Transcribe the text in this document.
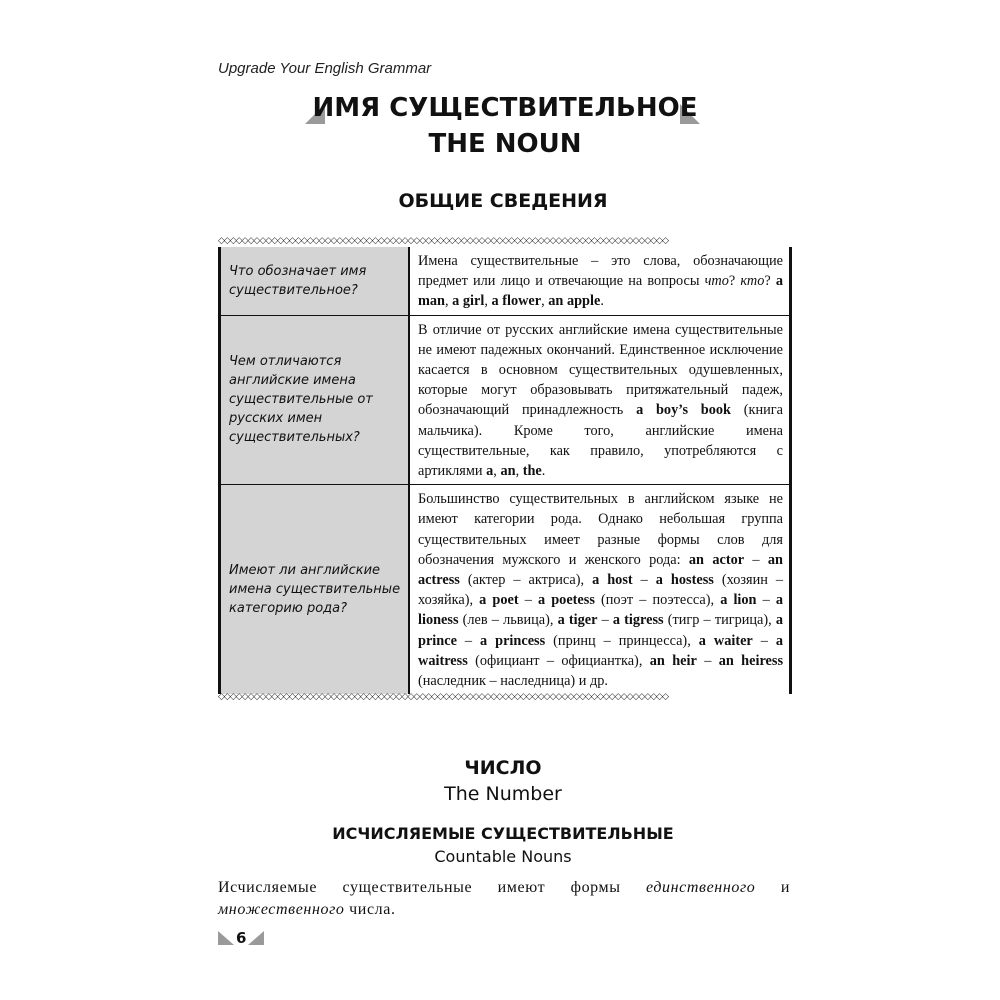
Upgrade Your English Grammar
ИМЯ СУЩЕСТВИТЕЛЬНОЕ
THE NOUN
ОБЩИЕ СВЕДЕНИЯ
◇◇◇◇◇◇◇◇◇◇◇◇◇◇◇◇◇◇◇◇◇◇◇◇◇◇◇◇◇◇◇◇◇◇◇◇◇◇◇◇◇◇◇◇◇◇◇◇◇◇◇◇◇◇◇◇◇◇◇◇◇◇◇◇◇◇◇◇◇◇◇◇◇◇◇◇
Что обозначает имя существительное?	Имена существительные – это слова, обозначающие предмет или лицо и отвечающие на вопросы что? кто? a man, a girl, a flower, an apple.
Чем отличаются английские имена существительные от русских имен существительных?	В отличие от русских английские имена существительные не имеют падежных окончаний. Единственное исключение касается в основном существительных одушевленных, которые могут образовывать притяжательный падеж, обозначающий принадлежность a boy’s book (книга мальчика). Кроме того, английские имена существительные, как правило, употребляются с артиклями a, an, the.
Имеют ли английские имена существительные категорию рода?	Большинство существительных в английском языке не имеют категории рода. Однако небольшая группа существительных имеет разные формы слов для обозначения мужского и женского рода: an actor – an actress (актер – актриса), a host – a hostess (хозяин – хозяйка), a poet – a poetess (поэт – поэтесса), a lion – a lioness (лев – львица), a tiger – a tigress (тигр – тигрица), a prince – a princess (принц – принцесса), a waiter – a waitress (официант – официантка), an heir – an heiress (наследник – наследница) и др.
◇◇◇◇◇◇◇◇◇◇◇◇◇◇◇◇◇◇◇◇◇◇◇◇◇◇◇◇◇◇◇◇◇◇◇◇◇◇◇◇◇◇◇◇◇◇◇◇◇◇◇◇◇◇◇◇◇◇◇◇◇◇◇◇◇◇◇◇◇◇◇◇◇◇◇◇
ЧИСЛО
The Number
ИСЧИСЛЯЕМЫЕ СУЩЕСТВИТЕЛЬНЫЕ
Countable Nouns
Исчисляемые существительные имеют формы единственного и множественного числа.
6
